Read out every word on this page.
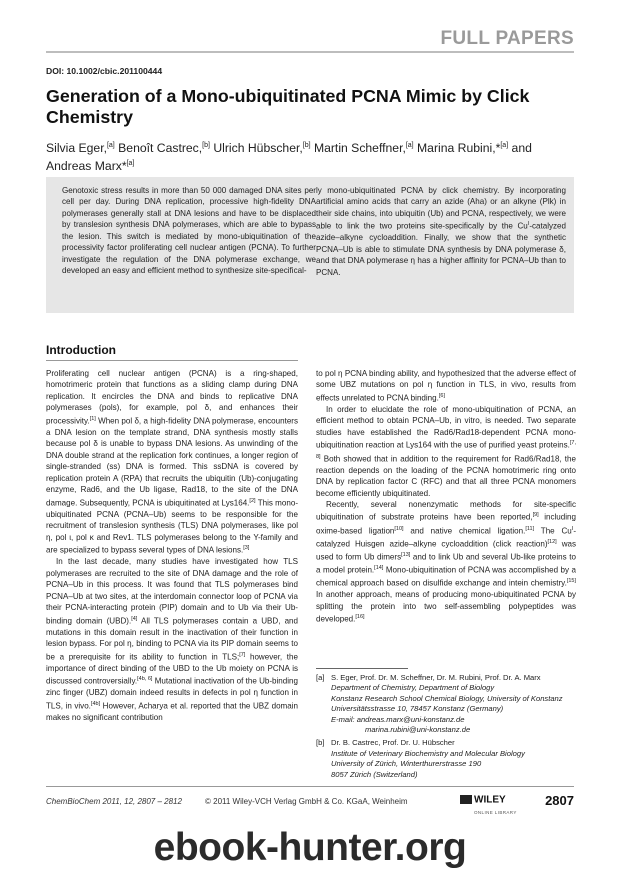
FULL PAPERS
DOI: 10.1002/cbic.201100444
Generation of a Mono-ubiquitinated PCNA Mimic by Click Chemistry
Silvia Eger,[a] Benoît Castrec,[b] Ulrich Hübscher,[b] Martin Scheffner,[a] Marina Rubini,*[a] and Andreas Marx*[a]
Genotoxic stress results in more than 50 000 damaged DNA sites per cell per day. During DNA replication, processive high-fidelity DNA polymerases generally stall at DNA lesions and have to be displaced by translesion synthesis DNA polymerases, which are able to bypass the lesion. This switch is mediated by mono-ubiquitination of the processivity factor proliferating cell nuclear antigen (PCNA). To further investigate the regulation of the DNA polymerase exchange, we developed an easy and efficient method to synthesize site-specifical-
ly mono-ubiquitinated PCNA by click chemistry. By incorporating artificial amino acids that carry an azide (Aha) or an alkyne (Plk) in their side chains, into ubiquitin (Ub) and PCNA, respectively, we were able to link the two proteins site-specifically by the $Cu^I$-catalyzed azide–alkyne cycloaddition. Finally, we show that the synthetic PCNA–Ub is able to stimulate DNA synthesis by DNA polymerase δ, and that DNA polymerase η has a higher affinity for PCNA–Ub than to PCNA.
Introduction

Proliferating cell nuclear antigen (PCNA) is a ring-shaped, homotrimeric protein that functions as a sliding clamp during DNA replication. It encircles the DNA and binds to replicative DNA polymerases (pols), for example, pol δ, and enhances their processivity.[1] When pol δ, a high-fidelity DNA polymerase, encounters a DNA lesion on the template strand, DNA synthesis mostly stalls because pol δ is unable to bypass DNA lesions. As unwinding of the DNA double strand at the replication fork continues, a longer region of single-stranded (ss) DNA is formed. This ssDNA is covered by replication protein A (RPA) that recruits the ubiquitin (Ub)-conjugating enzyme, Rad6, and the Ub ligase, Rad18, to the site of the DNA damage. Subsequently, PCNA is ubiquitinated at Lys164.[2] This mono-ubiquitinated PCNA (PCNA–Ub) seems to be responsible for the recruitment of translesion synthesis (TLS) DNA polymerases, like pol η, pol ι, pol κ and Rev1. TLS polymerases belong to the Y-family and are specialized to bypass several types of DNA lesions.[3]

In the last decade, many studies have investigated how TLS polymerases are recruited to the site of DNA damage and the role of PCNA–Ub in this process. It was found that TLS polymerases bind PCNA–Ub at two sites, at the interdomain connector loop of PCNA via their PCNA-interacting protein (PIP) domain and to Ub via their Ub-binding domain (UBD).[4] All TLS polymerases contain a UBD, and mutations in this domain result in the inactivation of their function in lesion bypass. For pol η, binding to PCNA via its PIP domain seems to be a prerequisite for its ability to function in TLS;[7] however, the importance of direct binding of the UBD to the Ub moiety on PCNA is discussed controversially.[4b, 6] Mutational inactivation of the Ub-binding zinc finger (UBZ) domain indeed results in defects in pol η function in TLS, in vivo.[4b] However, Acharya et al. reported that the UBZ domain makes no significant contribution

to pol η PCNA binding ability, and hypothesized that the adverse effect of some UBZ mutations on pol η function in TLS, in vivo, results from effects unrelated to PCNA binding.[6]

In order to elucidate the role of mono-ubiquitination of PCNA, an efficient method to obtain PCNA–Ub, in vitro, is needed. Two separate studies have established the Rad6/Rad18-dependent PCNA mono-ubiquitination reaction at Lys164 with the use of purified yeast proteins.[7, 8] Both showed that in addition to the requirement for Rad6/Rad18, the reaction depends on the loading of the PCNA homotrimeric ring onto DNA by replication factor C (RFC) and that all three PCNA monomers become efficiently ubiquitinated.

Recently, several nonenzymatic methods for site-specific ubiquitination of substrate proteins have been reported,[9] including oxime-based ligation[10] and native chemical ligation.[11] The $Cu^I$-catalyzed Huisgen azide–alkyne cycloaddition (click reaction)[12] was used to form Ub dimers[13] and to link Ub and several Ub-like proteins to a model protein.[14] Mono-ubiquitination of PCNA was accomplished by a chemical approach based on disulfide exchange and intein chemistry.[15] In another approach, means of producing mono-ubiquitinated PCNA by splitting the protein into two self-assembling polypeptides was developed.[16]

[a] S. Eger, Prof. Dr. M. Scheffner, Dr. M. Rubini, Prof. Dr. A. Marx
Department of Chemistry, Department of Biology
Konstanz Research School Chemical Biology, University of Konstanz
Universitätsstrasse 10, 78457 Konstanz (Germany)
E-mail: andreas.marx@uni-konstanz.de
marina.rubini@uni-konstanz.de
[b] Dr. B. Castrec, Prof. Dr. U. Hübscher
Institute of Veterinary Biochemistry and Molecular Biology
University of Zürich, Winterthurerstrasse 190
8057 Zürich (Switzerland)
ChemBioChem 2011, 12, 2807 – 2812	© 2011 Wiley-VCH Verlag GmbH & Co. KGaA, Weinheim	WILEY
ONLINE LIBRARY
2807
ebook-hunter.org
